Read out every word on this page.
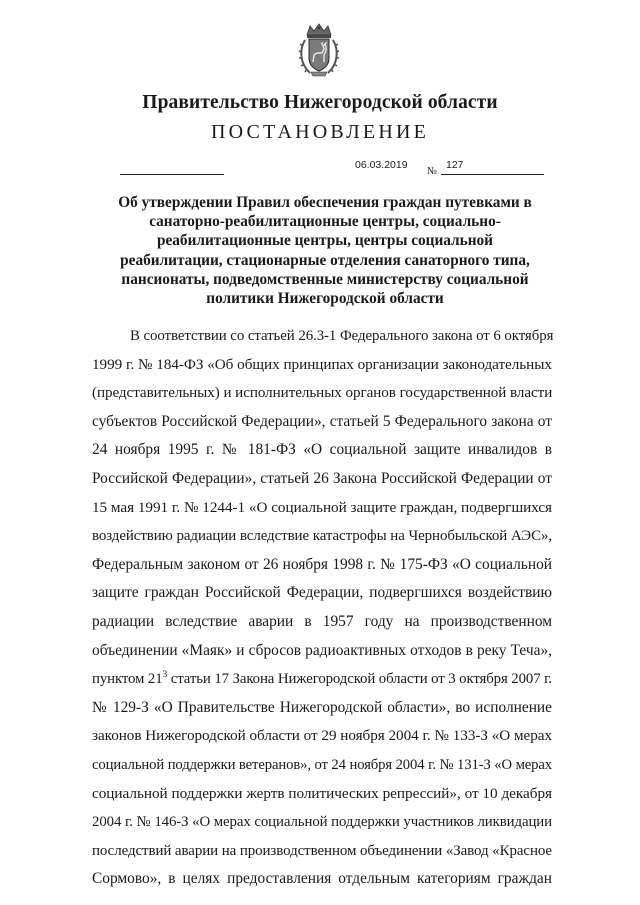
Правительство Нижегородской области
ПОСТАНОВЛЕНИЕ
06.03.2019
№
127
Об утверждении Правил обеспечения граждан путевками в
санаторно-реабилитационные центры, социально-
реабилитационные центры, центры социальной
реабилитации, стационарные отделения санаторного типа,
пансионаты, подведомственные министерству социальной
политики Нижегородской области
В соответствии со статьей 26.3-1 Федерального закона от 6 октября
1999 г. № 184-ФЗ «Об общих принципах организации законодательных
(представительных) и исполнительных органов государственной власти
субъектов Российской Федерации», статьей 5 Федерального закона от
24 ноября 1995 г. № 181-ФЗ «О социальной защите инвалидов в
Российской Федерации», статьей 26 Закона Российской Федерации от
15 мая 1991 г. № 1244-1 «О социальной защите граждан, подвергшихся
воздействию радиации вследствие катастрофы на Чернобыльской АЭС»,
Федеральным законом от 26 ноября 1998 г. № 175-ФЗ «О социальной
защите граждан Российской Федерации, подвергшихся воздействию
радиации вследствие аварии в 1957 году на производственном
объединении «Маяк» и сбросов радиоактивных отходов в реку Теча»,
пунктом $21^3$ статьи 17 Закона Нижегородской области от 3 октября 2007 г.
№ 129-З «О Правительстве Нижегородской области», во исполнение
законов Нижегородской области от 29 ноября 2004 г. № 133-З «О мерах
социальной поддержки ветеранов», от 24 ноября 2004 г. № 131-З «О мерах
социальной поддержки жертв политических репрессий», от 10 декабря
2004 г. № 146-З «О мерах социальной поддержки участников ликвидации
последствий аварии на производственном объединении «Завод «Красное
Сормово», в целях предоставления отдельным категориям граждан
